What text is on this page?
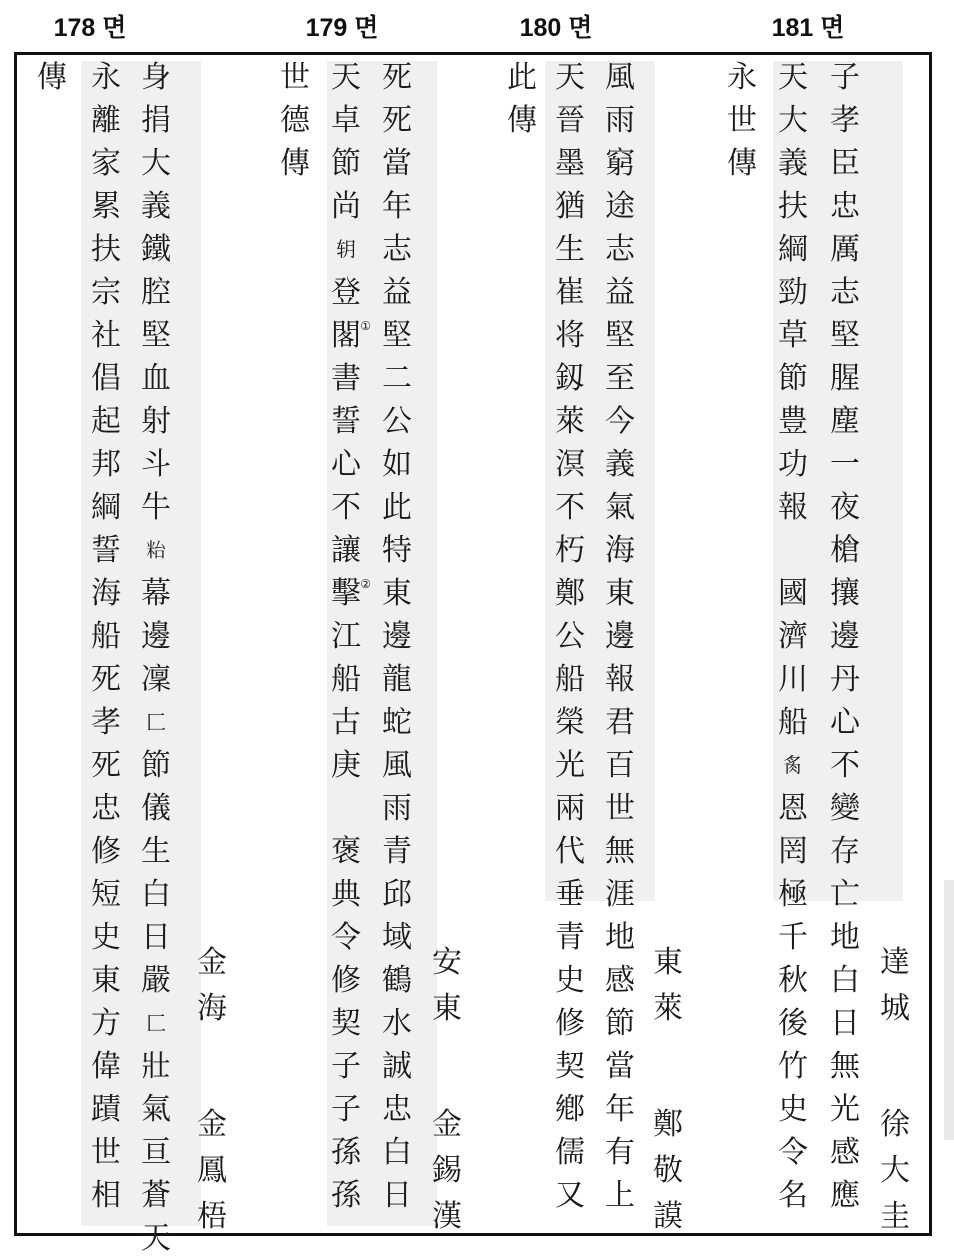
178 면	179 면	180 면	181 면
子
孝
臣
忠
厲
志
堅
腥
塵
一
夜
槍
攘
邊
丹
心
不
變
存
亡
地
白
日
無
光
感
應
天
大
義
扶
綱
勁
草
節
豊
功
報

國
濟
川
船
䏑
恩
罔
極
千
秋
後
竹
史
令
名
永
世
傳
達
城

徐
大
圭
風
雨
窮
途
志
益
堅
至
今
義
氣
海
東
邊
報
君
百
世
無
涯
地
感
節
當
年
有
上
天
晉
墨
猶
生
崔
将
釼
萊
溟
不
朽
鄭
公
船
榮
光
兩
代
垂
青
史
修
契
鄕
儒
又
此
傳
東
萊

鄭
敬
謨
死
死
當
年
志
益
堅
二
公
如
此
特
東
邊
龍
蛇
風
雨
青
邱
域
鶴
水
誠
忠
白
日
天
卓
節
尚
䢁
登
閣 ①
書
誓
心
不
讓
擊 ②
江
船
古
庚

褒
典
令
修
契
子
子
孫
孫
世
德
傳
安
東

金
錫
漢
身
捐
大
義
鐵
腔
堅
血
射
斗
牛
𥹋
幕
邊
凜
⼕
節
儀
生
白
日
嚴
⼕
壯
氣
亘
蒼
天
永
離
家
累
扶
宗
社
倡
起
邦
綱
誓
海
船
死
孝
死
忠
修
短
史
東
方
偉
蹟
世
相
傳
金
海

金
鳳
梧
